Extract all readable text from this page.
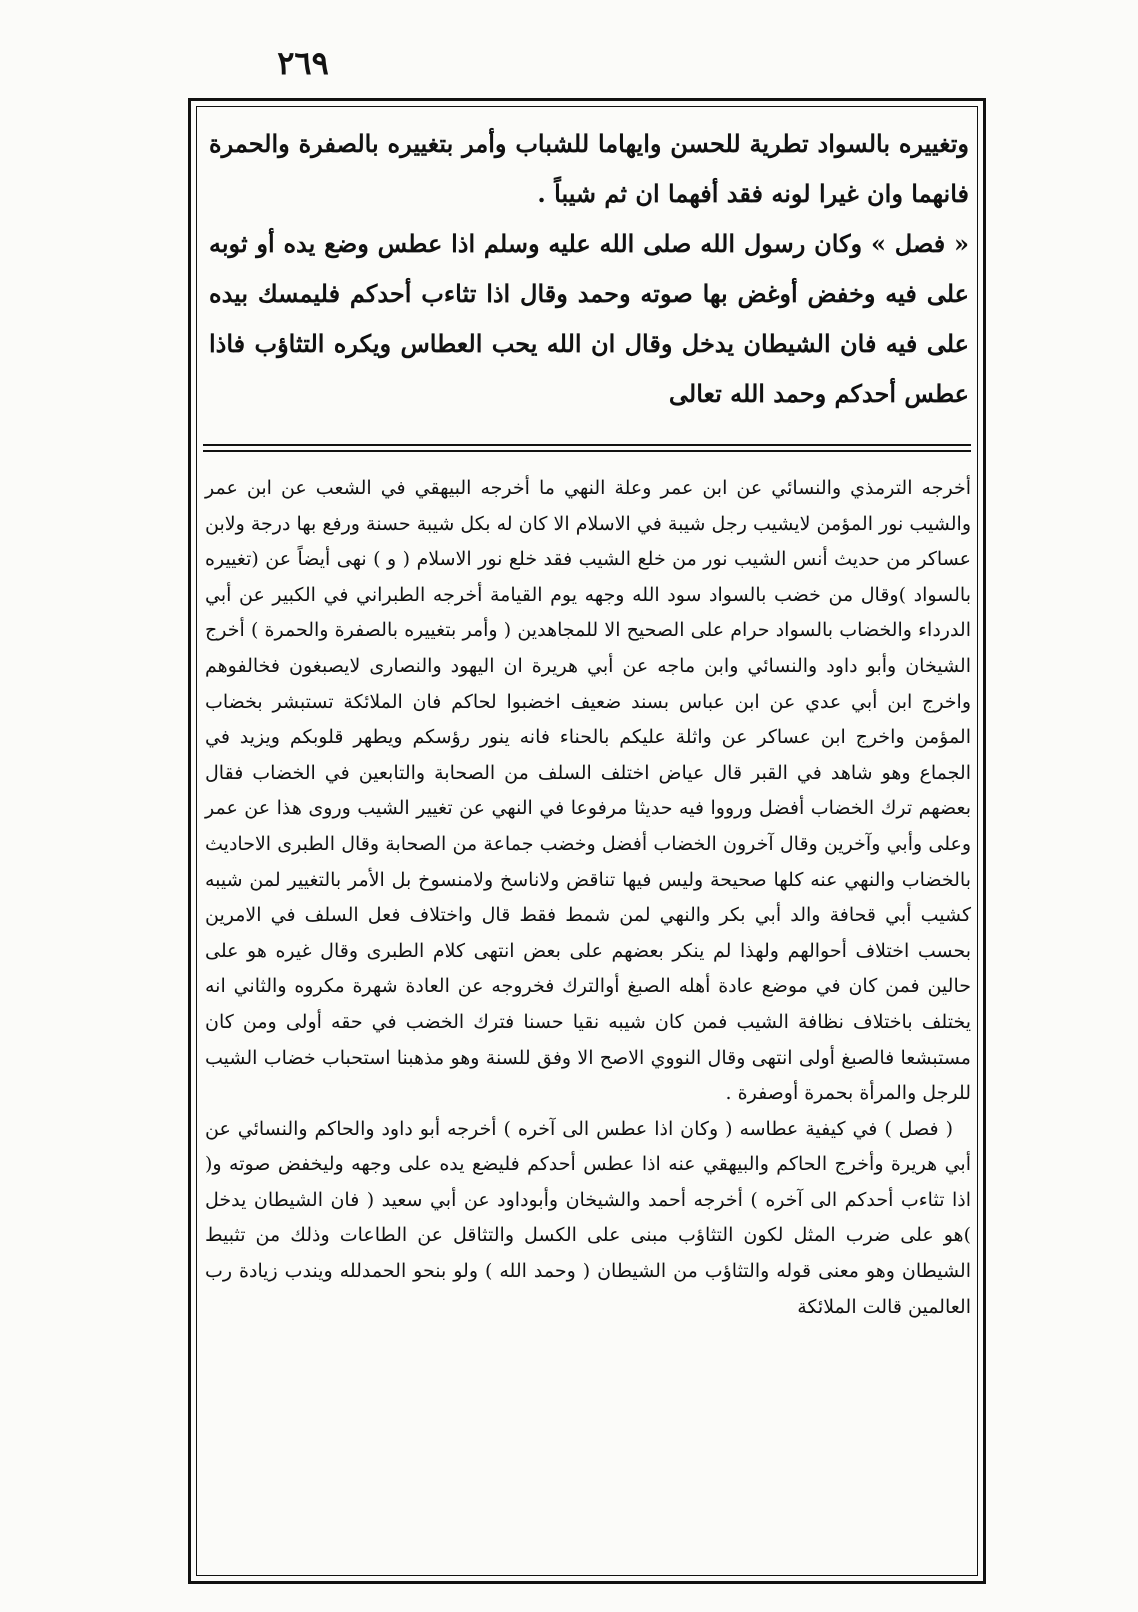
٢٦٩
وتغييره بالسواد تطرية للحسن وايهاما للشباب وأمر بتغييره بالصفرة والحمرة فانهما وان غيرا لونه فقد أفهما ان ثم شيباً .
« فصل » وكان رسول الله صلى الله عليه وسلم اذا عطس وضع يده أو ثوبه على فيه وخفض أوغض بها صوته وحمد وقال اذا تثاءب أحدكم فليمسك بيده على فيه فان الشيطان يدخل وقال ان الله يحب العطاس ويكره التثاؤب فاذا عطس أحدكم وحمد الله تعالى

أخرجه الترمذي والنسائي عن ابن عمر وعلة النهي ما أخرجه البيهقي في الشعب عن ابن عمر والشيب نور المؤمن لايشيب رجل شيبة في الاسلام الا كان له بكل شيبة حسنة ورفع بها درجة ولابن عساكر من حديث أنس الشيب نور من خلع الشيب فقد خلع نور الاسلام ( و ) نهى أيضاً عن (تغييره بالسواد )وقال من خضب بالسواد سود الله وجهه يوم القيامة أخرجه الطبراني في الكبير عن أبي الدرداء والخضاب بالسواد حرام على الصحيح الا للمجاهدين ( وأمر بتغييره بالصفرة والحمرة ) أخرج الشيخان وأبو داود والنسائي وابن ماجه عن أبي هريرة ان اليهود والنصارى لايصبغون فخالفوهم واخرج ابن أبي عدي عن ابن عباس بسند ضعيف اخضبوا لحاكم فان الملائكة تستبشر بخضاب المؤمن واخرج ابن عساكر عن واثلة عليكم بالحناء فانه ينور رؤسكم ويطهر قلوبكم ويزيد في الجماع وهو شاهد في القبر قال عياض اختلف السلف من الصحابة والتابعين في الخضاب فقال بعضهم ترك الخضاب أفضل ورووا فيه حديثا مرفوعا في النهي عن تغيير الشيب وروى هذا عن عمر وعلى وأبي وآخرين وقال آخرون الخضاب أفضل وخضب جماعة من الصحابة وقال الطبرى الاحاديث بالخضاب والنهي عنه كلها صحيحة وليس فيها تناقض ولاناسخ ولامنسوخ بل الأمر بالتغيير لمن شيبه كشيب أبي قحافة والد أبي بكر والنهي لمن شمط فقط قال واختلاف فعل السلف في الامرين بحسب اختلاف أحوالهم ولهذا لم ينكر بعضهم على بعض انتهى كلام الطبرى وقال غيره هو على حالين فمن كان في موضع عادة أهله الصبغ أوالترك فخروجه عن العادة شهرة مكروه والثاني انه يختلف باختلاف نظافة الشيب فمن كان شيبه نقيا حسنا فترك الخضب في حقه أولى ومن كان مستبشعا فالصبغ أولى انتهى وقال النووي الاصح الا وفق للسنة وهو مذهبنا استحباب خضاب الشيب للرجل والمرأة بحمرة أوصفرة .

( فصل ) في كيفية عطاسه ( وكان اذا عطس الى آخره ) أخرجه أبو داود والحاكم والنسائي عن أبي هريرة وأخرج الحاكم والبيهقي عنه اذا عطس أحدكم فليضع يده على وجهه وليخفض صوته و( اذا تثاءب أحدكم الى آخره ) أخرجه أحمد والشيخان وأبوداود عن أبي سعيد ( فان الشيطان يدخل )هو على ضرب المثل لكون التثاؤب مبنى على الكسل والتثاقل عن الطاعات وذلك من تثبيط الشيطان وهو معنى قوله والتثاؤب من الشيطان ( وحمد الله ) ولو بنحو الحمدلله ويندب زيادة رب العالمين قالت الملائكة
